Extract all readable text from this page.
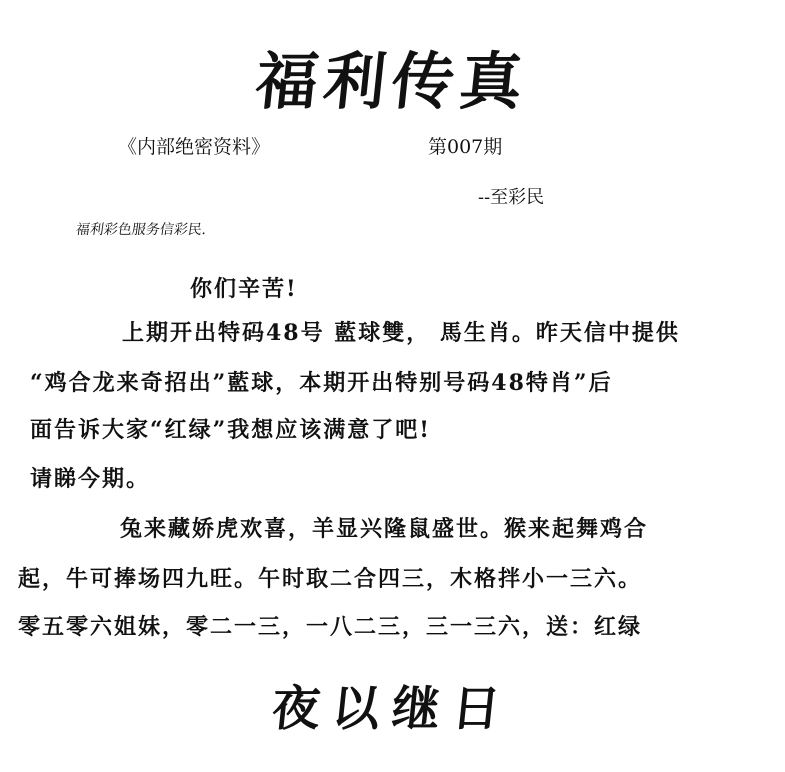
福利传真
《内部绝密资料》	第007期
--至彩民
福利彩色服务信彩民.
你们辛苦!
上期开出特码48号 藍球雙， 馬生肖。昨天信中提供
“鸡合龙来奇招出”藍球，本期开出特别号码48特肖”后
面告诉大家“红绿”我想应该满意了吧!
请睇今期。
兔来藏娇虎欢喜，羊显兴隆鼠盛世。猴来起舞鸡合
起，牛可捧场四九旺。午时取二合四三，木格拌小一三六。
零五零六姐妹，零二一三，一八二三，三一三六，送：红绿
夜以继日
